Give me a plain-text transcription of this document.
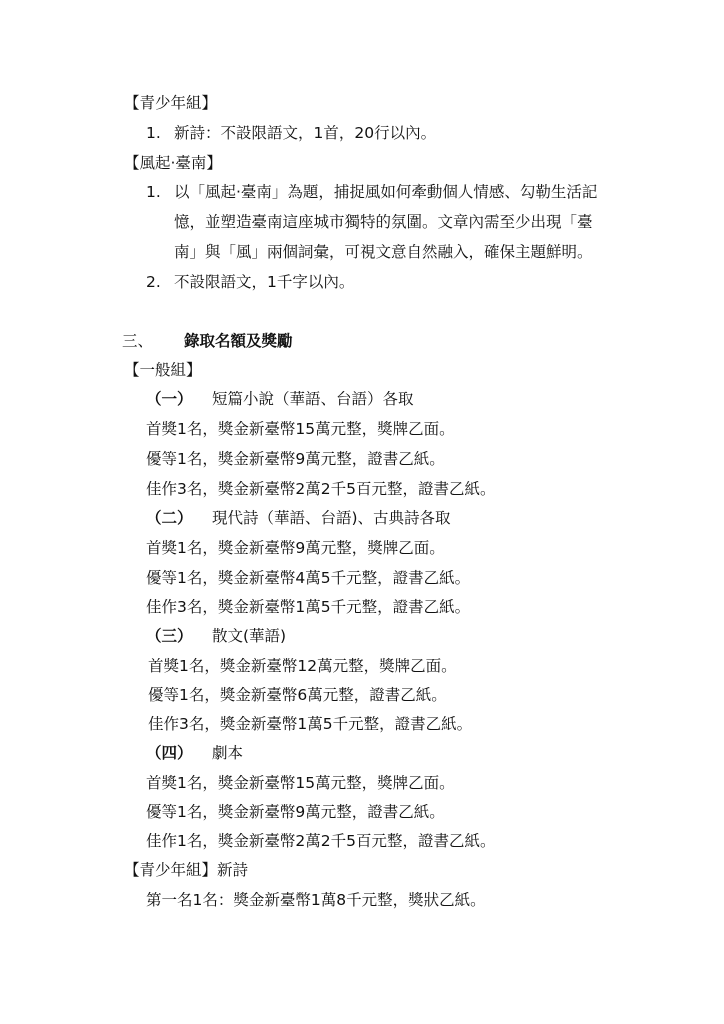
【青少年組】
1. 新詩：不設限語文，1首，20行以內。
【風起‧臺南】
1. 以「風起‧臺南」為題，捕捉風如何牽動個人情感、勾勒生活記
憶，並塑造臺南這座城市獨特的氛圍。文章內需至少出現「臺
南」與「風」兩個詞彙，可視文意自然融入，確保主題鮮明。
2. 不設限語文，1千字以內。
三、 錄取名額及獎勵
【一般組】
（一） 短篇小說（華語、台語）各取
首獎1名，獎金新臺幣15萬元整，獎牌乙面。
優等1名，獎金新臺幣9萬元整，證書乙紙。
佳作3名，獎金新臺幣2萬2千5百元整，證書乙紙。
（二） 現代詩（華語、台語)、古典詩各取
首獎1名，獎金新臺幣9萬元整，獎牌乙面。
優等1名，獎金新臺幣4萬5千元整，證書乙紙。
佳作3名，獎金新臺幣1萬5千元整，證書乙紙。
（三） 散文(華語)
首獎1名，獎金新臺幣12萬元整，獎牌乙面。
優等1名，獎金新臺幣6萬元整，證書乙紙。
佳作3名，獎金新臺幣1萬5千元整，證書乙紙。
（四） 劇本
首獎1名，獎金新臺幣15萬元整，獎牌乙面。
優等1名，獎金新臺幣9萬元整，證書乙紙。
佳作1名，獎金新臺幣2萬2千5百元整，證書乙紙。
【青少年組】新詩
第一名1名：獎金新臺幣1萬8千元整，獎狀乙紙。
